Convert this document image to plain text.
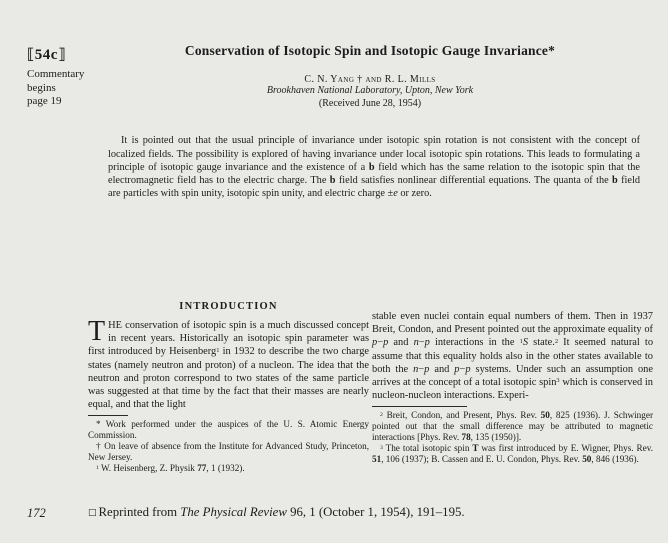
⟦54c⟧
Commentary
begins
page 19
Conservation of Isotopic Spin and Isotopic Gauge Invariance*
C. N. Yang † and R. L. Mills
Brookhaven National Laboratory, Upton, New York
(Received June 28, 1954)

It is pointed out that the usual principle of invariance under isotopic spin rotation is not consistent with the concept of localized fields. The possibility is explored of having invariance under local isotopic spin rotations. This leads to formulating a principle of isotopic gauge invariance and the existence of a b field which has the same relation to the isotopic spin that the electromagnetic field has to the electric charge. The b field satisfies nonlinear differential equations. The quanta of the b field are particles with spin unity, isotopic spin unity, and electric charge ±e or zero.

INTRODUCTION

THE conservation of isotopic spin is a much discussed concept in recent years. Historically an isotopic spin parameter was first introduced by Heisenberg$^1$ in 1932 to describe the two charge states (namely neutron and proton) of a nucleon. The idea that the neutron and proton correspond to two states of the same particle was suggested at that time by the fact that their masses are nearly equal, and that the light

* Work performed under the auspices of the U. S. Atomic Energy Commission.

† On leave of absence from the Institute for Advanced Study, Princeton, New Jersey.

$^1$ W. Heisenberg, Z. Physik 77, 1 (1932).

stable even nuclei contain equal numbers of them. Then in 1937 Breit, Condon, and Present pointed out the approximate equality of p−p and n−p interactions in the $^1$S state.$^2$ It seemed natural to assume that this equality holds also in the other states available to both the n−p and p−p systems. Under such an assumption one arrives at the concept of a total isotopic spin$^3$ which is conserved in nucleon-nucleon interactions. Experi-

$^2$ Breit, Condon, and Present, Phys. Rev. 50, 825 (1936). J. Schwinger pointed out that the small difference may be attributed to magnetic interactions [Phys. Rev. 78, 135 (1950)].

$^3$ The total isotopic spin T was first introduced by E. Wigner, Phys. Rev. 51, 106 (1937); B. Cassen and E. U. Condon, Phys. Rev. 50, 846 (1936).

172	□ Reprinted from The Physical Review 96, 1 (October 1, 1954), 191–195.
